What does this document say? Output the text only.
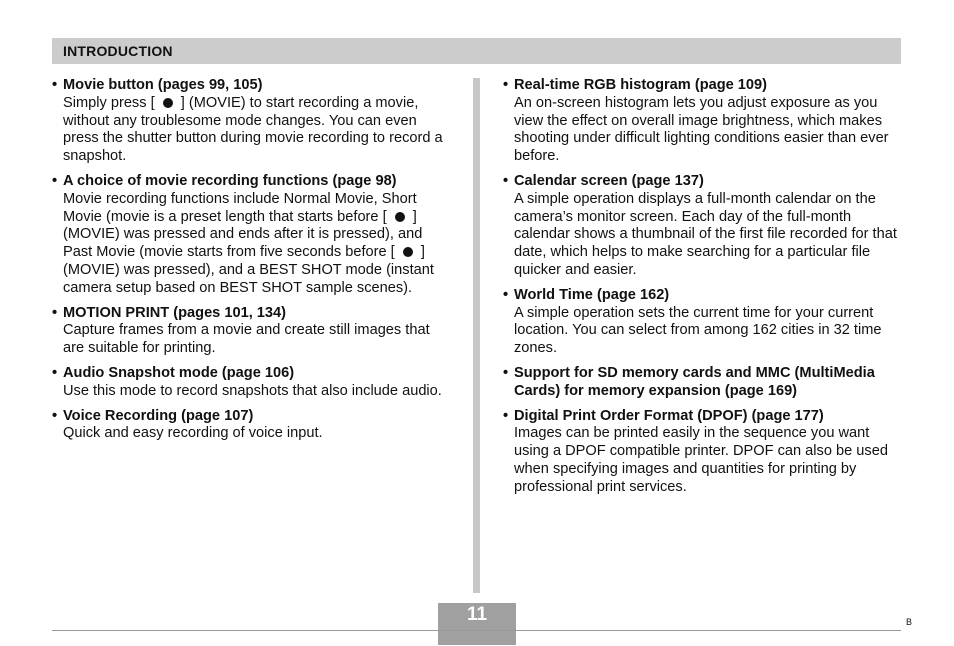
INTRODUCTION
• Movie button (pages 99, 105)
Simply press [  ] (MOVIE) to start recording a movie, without any troublesome mode changes. You can even press the shutter button during movie recording to record a snapshot.
• A choice of movie recording functions (page 98)
Movie recording functions include Normal Movie, Short Movie (movie is a preset length that starts before [  ] (MOVIE) was pressed and ends after it is pressed), and Past Movie (movie starts from five seconds before [  ] (MOVIE) was pressed), and a BEST SHOT mode (instant camera setup based on BEST SHOT sample scenes).
• MOTION PRINT (pages 101, 134)
Capture frames from a movie and create still images that are suitable for printing.
• Audio Snapshot mode (page 106)
Use this mode to record snapshots that also include audio.
• Voice Recording (page 107)
Quick and easy recording of voice input.
• Real-time RGB histogram (page 109)
An on-screen histogram lets you adjust exposure as you view the effect on overall image brightness, which makes shooting under difficult lighting conditions easier than ever before.
• Calendar screen (page 137)
A simple operation displays a full-month calendar on the camera’s monitor screen. Each day of the full-month calendar shows a thumbnail of the first file recorded for that date, which helps to make searching for a particular file quicker and easier.
• World Time (page 162)
A simple operation sets the current time for your current location. You can select from among 162 cities in 32 time zones.
• Support for SD memory cards and MMC (MultiMedia Cards) for memory expansion (page 169)
• Digital Print Order Format (DPOF) (page 177)
Images can be printed easily in the sequence you want using a DPOF compatible printer. DPOF can also be used when specifying images and quantities for printing by professional print services.
11	B
